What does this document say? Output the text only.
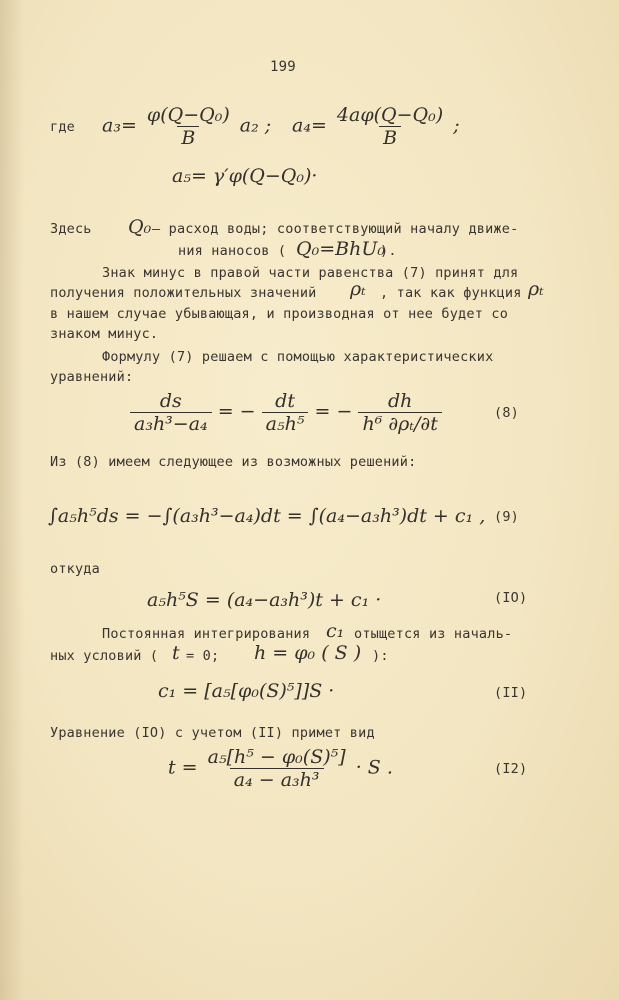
199
где $a_3= \frac{\text{φ(Q−Q₀)}}{B} a_2$ ; $a_4= \frac{\text{4aφ(Q−Q₀)}}{B}$ ;
a₅= γ′φ(Q−Q₀)·
Здесь Q₀ – расход воды; соответствующий началу движе-
ния наносов ( Q₀=BhU₀
).
Знак минус в правой части равенства (7) принят для
получения положительных значений ρₜ , так как функция ρₜ
в нашем случае убывающая, и производная от нее будет со
знаком минус.
Формулу (7) решаем с помощью характеристических
уравнений:
$\frac{ds}{\text{a₃h³−a₄}}$ = − $\frac{dt}{\text{a₅h⁵}}$ = − $\frac{dh}{\text{h⁶ ∂ρₜ/∂t}}$	(8)
Из (8) имеем следующее из возможных решений:
∫a₅h⁵ds = −∫(a₃h³−a₄)dt = ∫(a₄−a₃h³)dt + c₁ , (9)
откуда
a₅h⁵S = (a₄−a₃h³)t + c₁ ·	(IO)
Постоянная интегрирования c₁ отыщется из началь-
ных условий ( t = 0; h = φ₀ ( S ) ):
c₁ = [a₅[φ₀(S)⁵]]S ·	(II)
Уравнение (IO) с учетом (II) примет вид
$t = \frac{\text{a₅[h⁵ − φ₀(S)⁵]}}{\text{a₄ − a₃h³}} \cdot S$ .	(I2)
